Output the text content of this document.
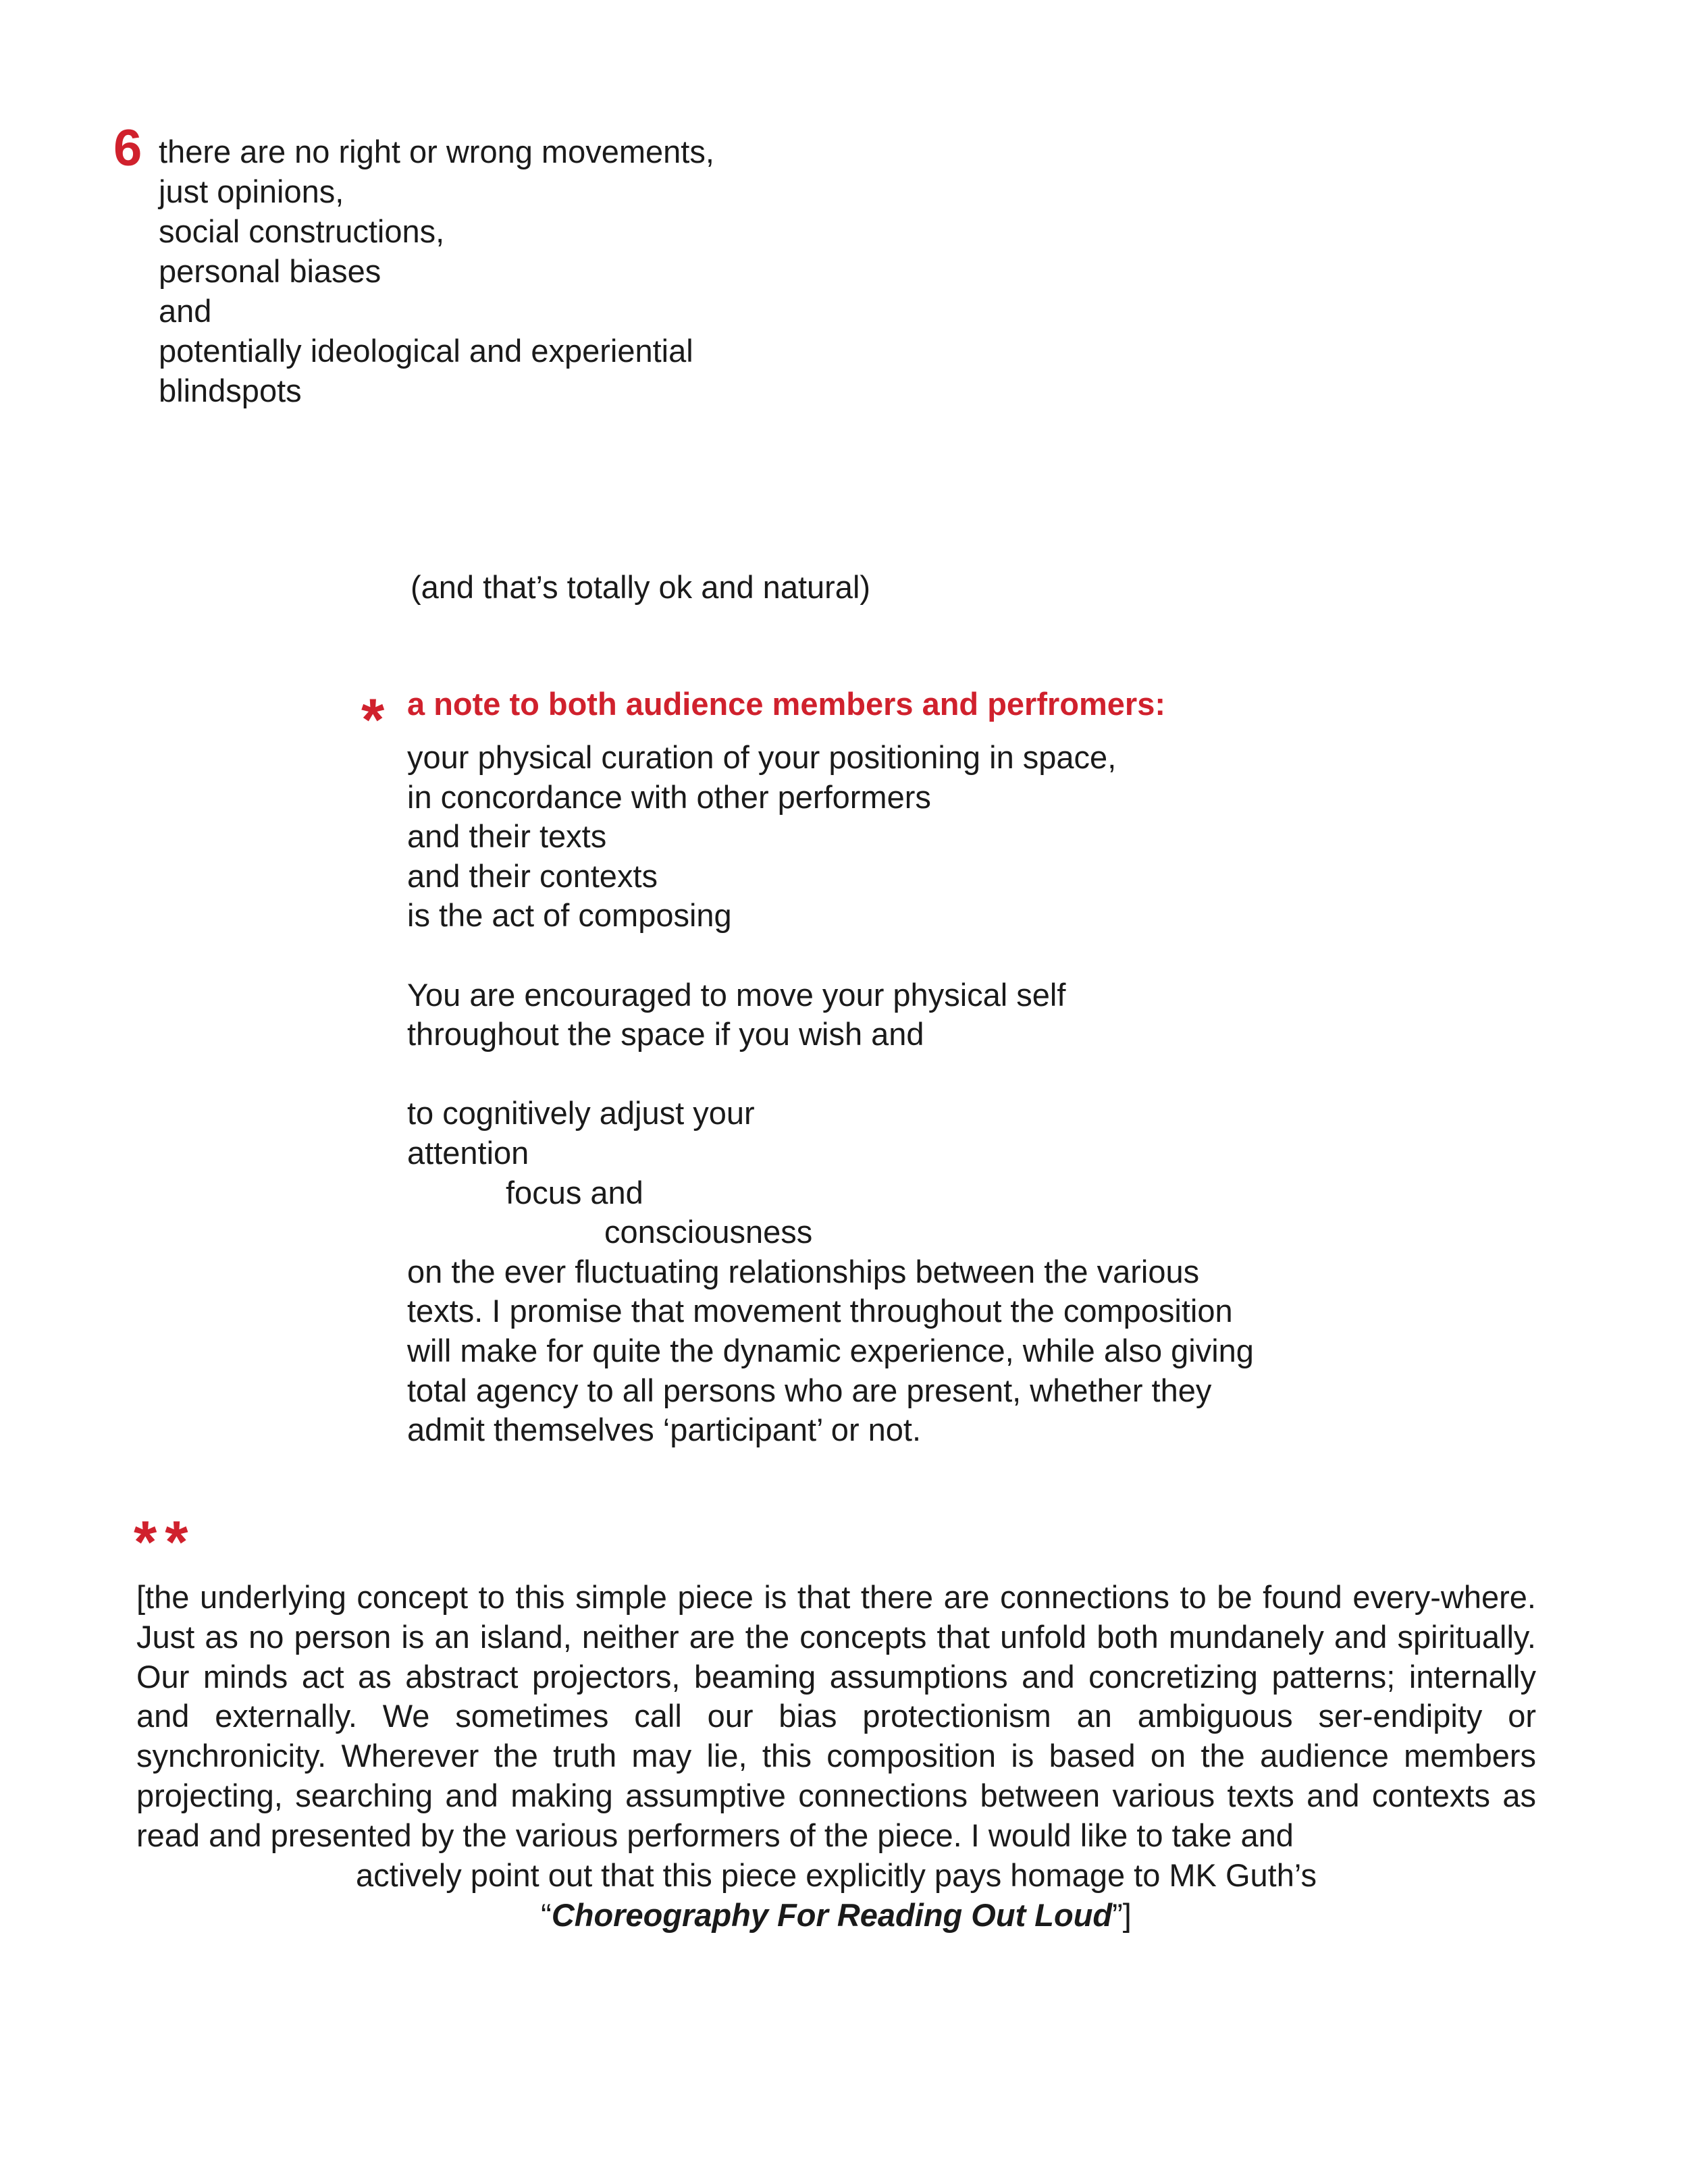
6 there are no right or wrong movements,
just opinions,
social constructions,
personal biases
and
potentially ideological and experiential
blindspots
(and that’s totally ok and natural)
* a note to both audience members and perfromers:
your physical curation of your positioning in space,
in concordance with other performers
and their texts
and their contexts
is the act of composing
You are encouraged to move your physical self
throughout the space if you wish and
to cognitively adjust your
attention
focus and
consciousness
on the ever fluctuating relationships between the various
texts. I promise that movement throughout the composition
will make for quite the dynamic experience, while also giving
total agency to all persons who are present, whether they
admit themselves ‘participant’ or not.
**

[the underlying concept to this simple piece is that there are connections to be found every-where. Just as no person is an island, neither are the concepts that unfold both mundanely and spiritually. Our minds act as abstract projectors, beaming assumptions and concretizing patterns; internally and externally. We sometimes call our bias protectionism an ambiguous ser-endipity or synchronicity. Wherever the truth may lie, this composition is based on the audience members projecting, searching and making assumptive connections between various texts and contexts as read and presented by the various performers of the piece. I would like to take and

actively point out that this piece explicitly pays homage to MK Guth’s
“Choreography For Reading Out Loud”]
